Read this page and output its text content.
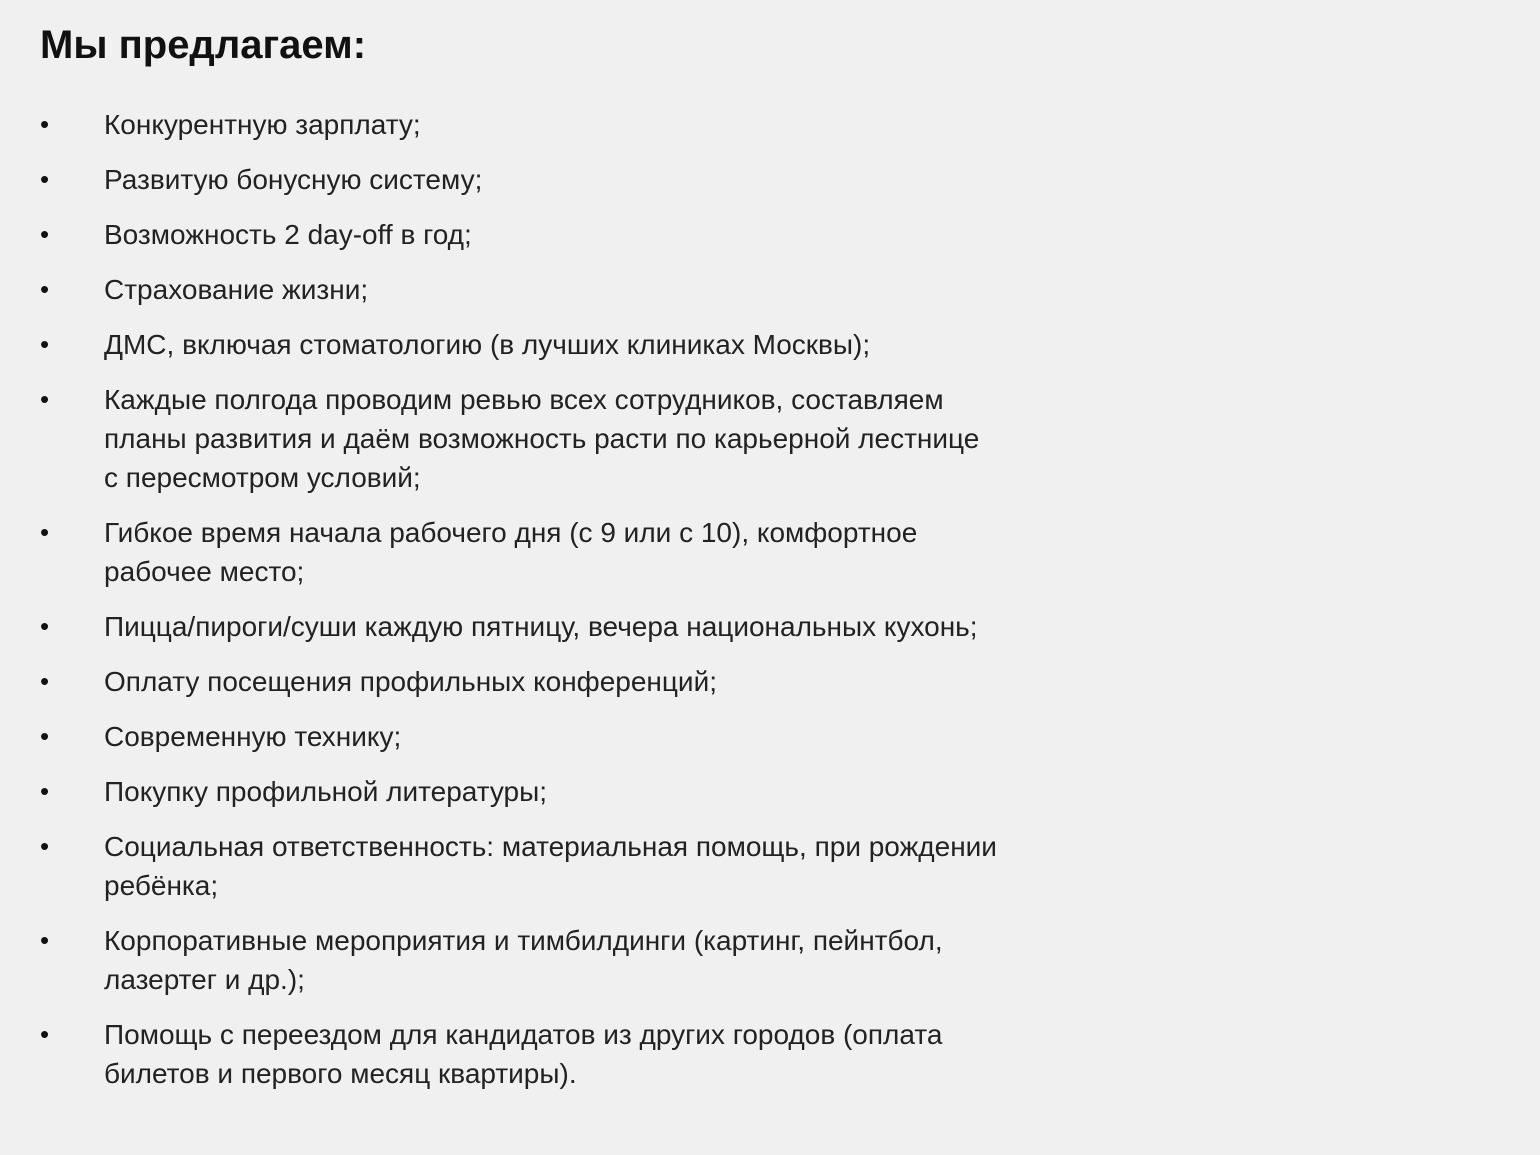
Мы предлагаем:
•	Конкурентную зарплату;
•	Развитую бонусную систему;
•	Возможность 2 day-off в год;
•	Страхование жизни;
•	ДМС, включая стоматологию (в лучших клиниках Москвы);
•	Каждые полгода проводим ревью всех сотрудников, составляем планы развития и даём возможность расти по карьерной лестнице с пересмотром условий;
•	Гибкое время начала рабочего дня (с 9 или с 10), комфортное рабочее место;
•	Пицца/пироги/суши каждую пятницу, вечера национальных кухонь;
•	Оплату посещения профильных конференций;
•	Современную технику;
•	Покупку профильной литературы;
•	Социальная ответственность: материальная помощь, при рождении ребёнка;
•	Корпоративные мероприятия и тимбилдинги (картинг, пейнтбол, лазертег и др.);
•	Помощь с переездом для кандидатов из других городов (оплата билетов и первого месяц квартиры).
